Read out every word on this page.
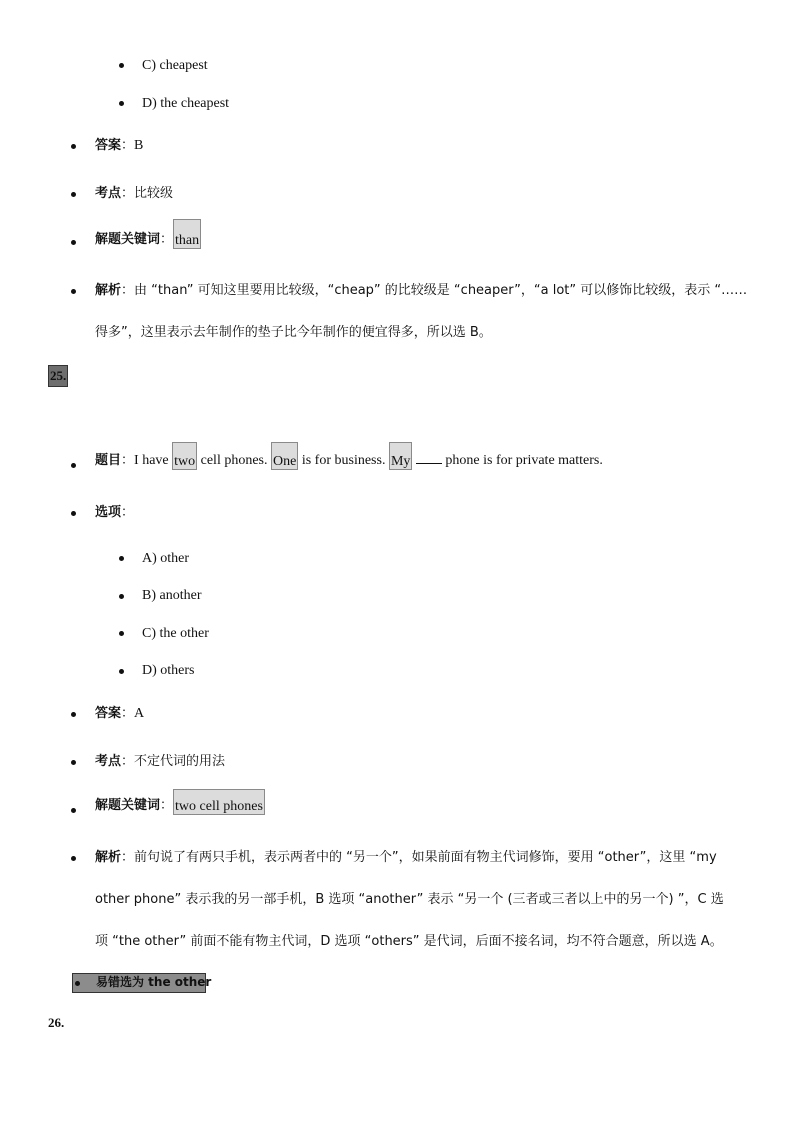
C) cheapest
D) the cheapest
答案：B
考点：比较级
解题关键词： than
解析：由 “than” 可知这里要用比较级，“cheap” 的比较级是 “cheaper”，“a lot” 可以修饰比较级，表示 “……
得多”，这里表示去年制作的垫子比今年制作的便宜得多，所以选 B。
25.
题目：I have two cell phones. One is for business. My  phone is for private matters.
选项：
A) other
B) another
C) the other
D) others
答案：A
考点：不定代词的用法
解题关键词： two cell phones
解析：前句说了有两只手机，表示两者中的 “另一个”，如果前面有物主代词修饰，要用 “other”，这里 “my
other phone” 表示我的另一部手机，B 选项 “another” 表示 “另一个 (三者或三者以上中的另一个) ”，C 选
项 “the other” 前面不能有物主代词，D 选项 “others” 是代词，后面不接名词，均不符合题意，所以选 A。
易错选为 the other
26.
